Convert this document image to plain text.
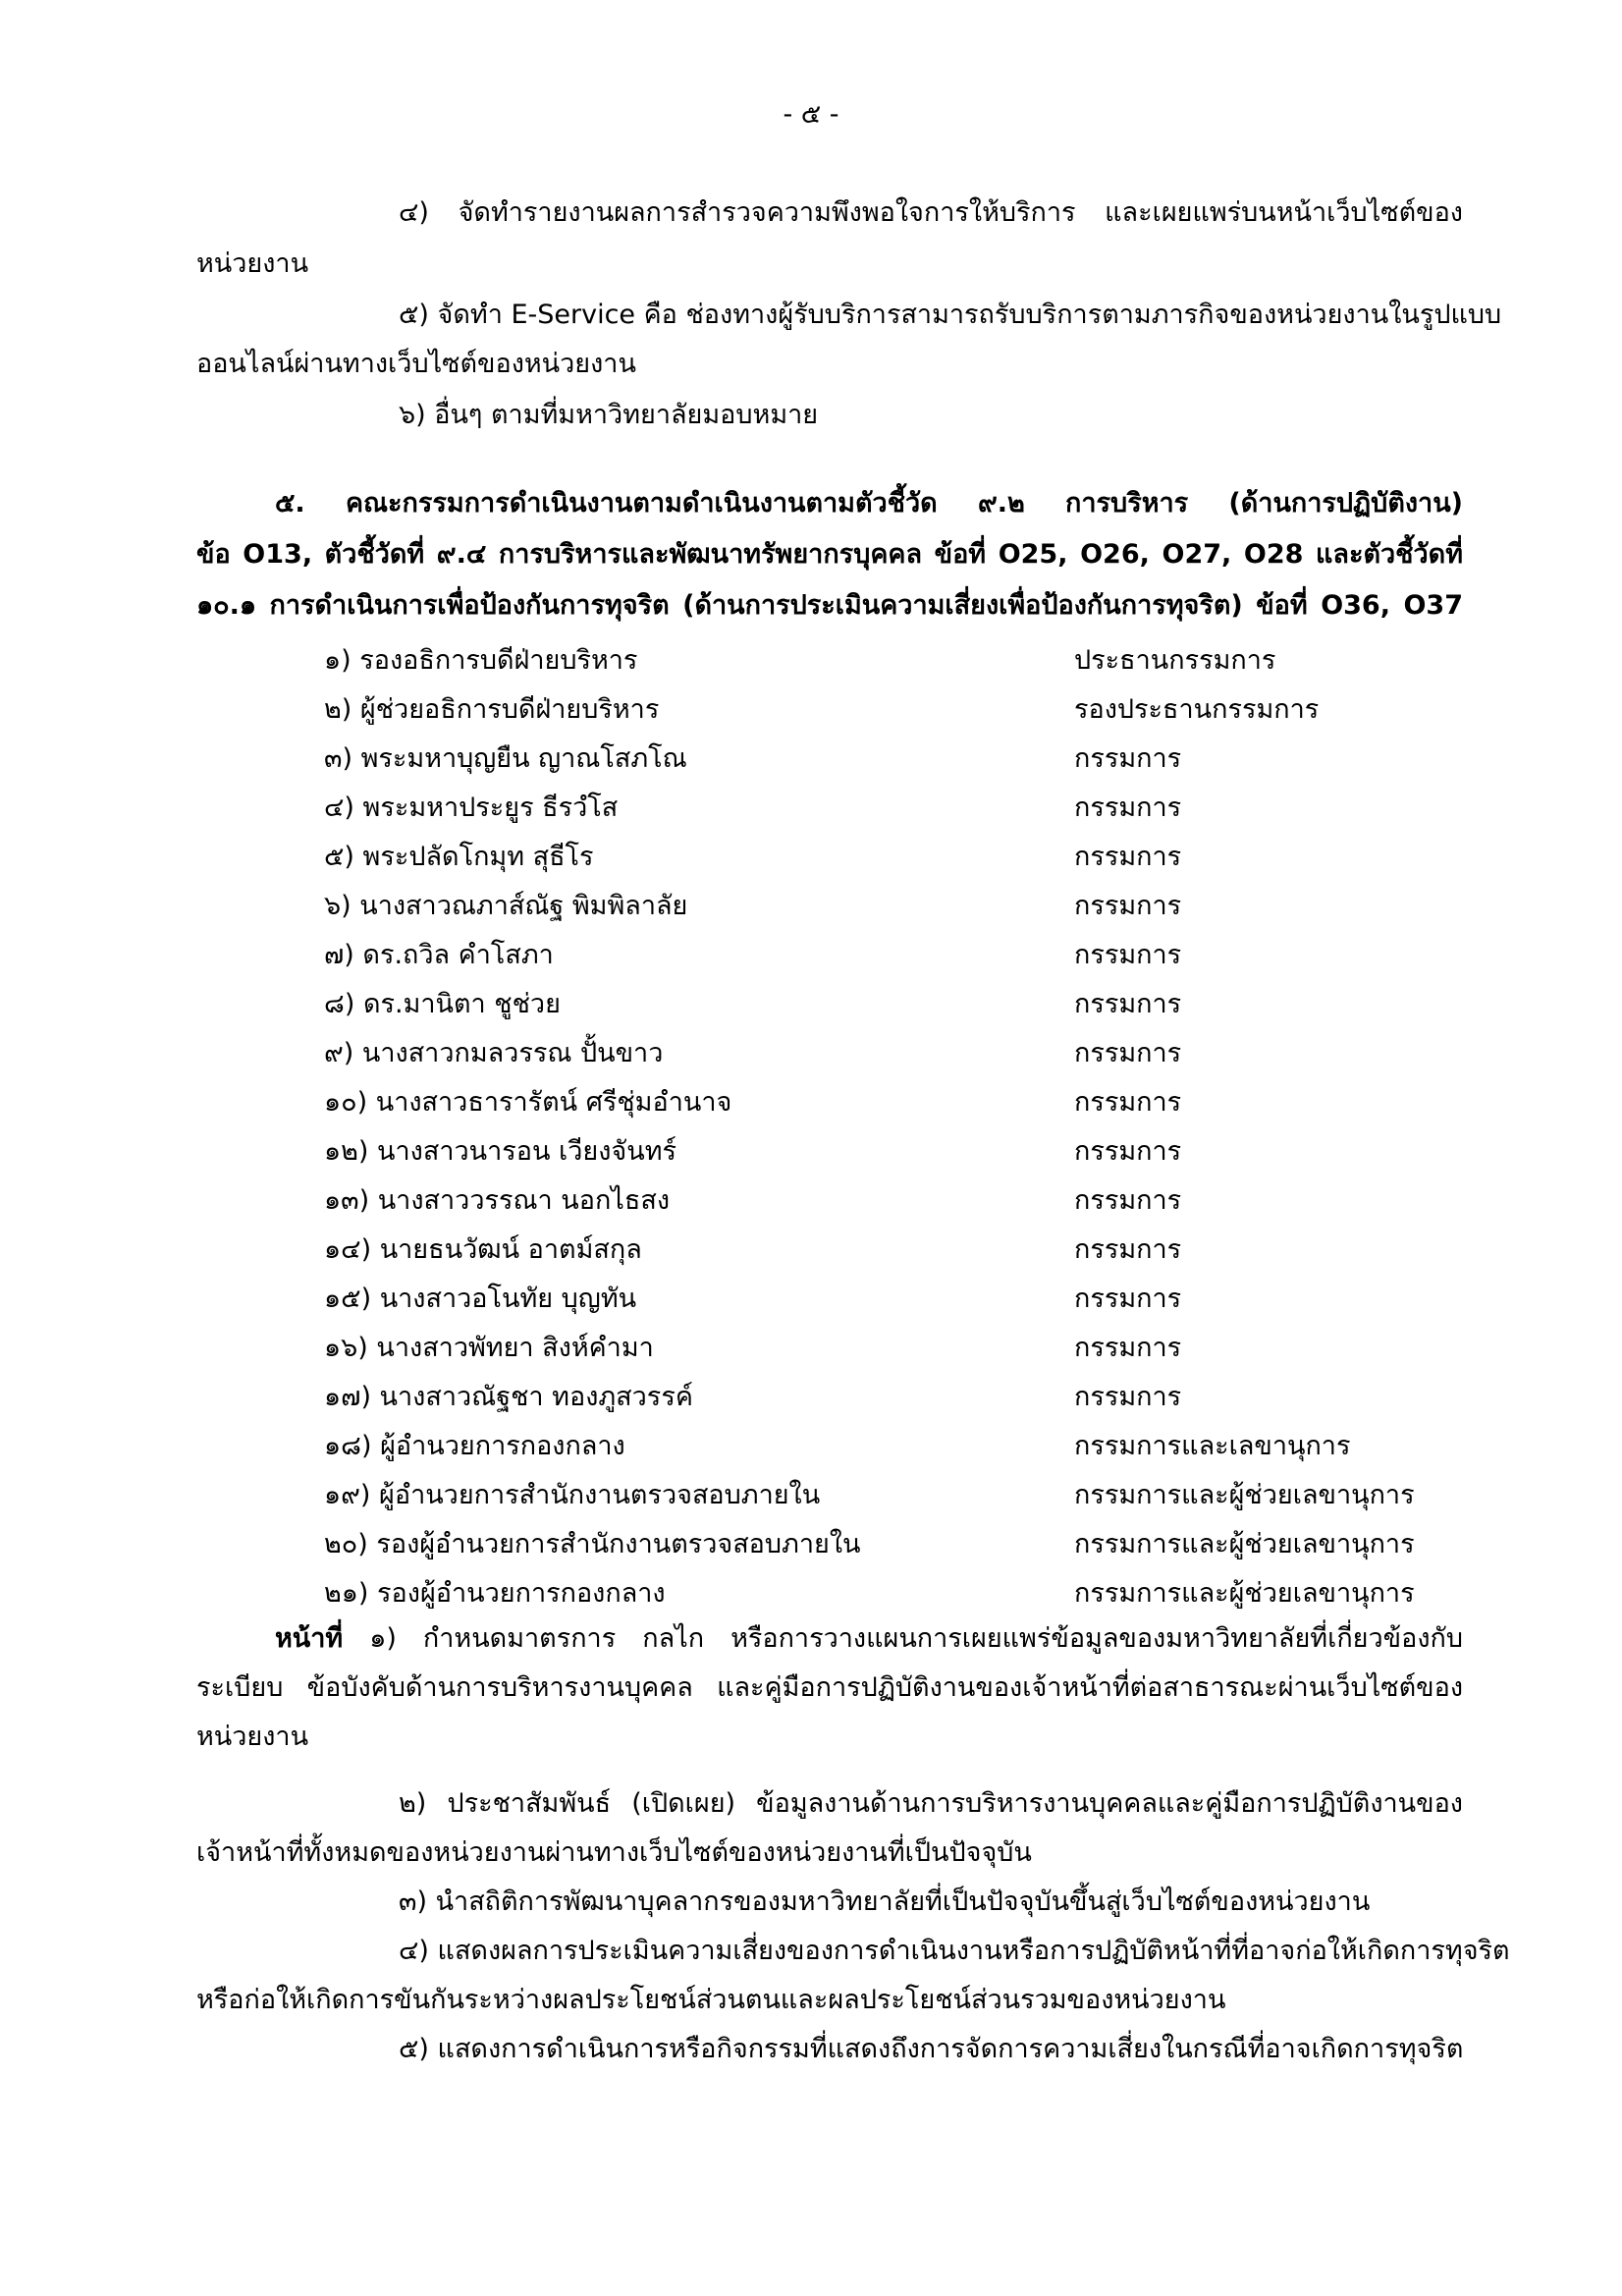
- ๕ -
๔) จัดทำรายงานผลการสำรวจความพึงพอใจการให้บริการ และเผยแพร่บนหน้าเว็บไซต์ของ
หน่วยงาน
๕) จัดทำ E-Service คือ ช่องทางผู้รับบริการสามารถรับบริการตามภารกิจของหน่วยงานในรูปแบบ
ออนไลน์ผ่านทางเว็บไซต์ของหน่วยงาน
๖) อื่นๆ ตามที่มหาวิทยาลัยมอบหมาย
๕. คณะกรรมการดำเนินงานตามดำเนินงานตามตัวชี้วัด ๙.๒ การบริหาร (ด้านการปฏิบัติงาน)
ข้อ O13, ตัวชี้วัดที่ ๙.๔ การบริหารและพัฒนาทรัพยากรบุคคล ข้อที่ O25, O26, O27, O28 และตัวชี้วัดที่
๑๐.๑ การดำเนินการเพื่อป้องกันการทุจริต (ด้านการประเมินความเสี่ยงเพื่อป้องกันการทุจริต) ข้อที่ O36, O37
๑) รองอธิการบดีฝ่ายบริหาร	ประธานกรรมการ
๒) ผู้ช่วยอธิการบดีฝ่ายบริหาร	รองประธานกรรมการ
๓) พระมหาบุญยืน ญาณโสภโณ	กรรมการ
๔) พระมหาประยูร ธีรวํโส	กรรมการ
๕) พระปลัดโกมุท สุธีโร	กรรมการ
๖) นางสาวณภาส์ณัฐ พิมพิลาลัย	กรรมการ
๗) ดร.ถวิล คำโสภา	กรรมการ
๘) ดร.มานิตา ชูช่วย	กรรมการ
๙) นางสาวกมลวรรณ ปั้นขาว	กรรมการ
๑๐) นางสาวธารารัตน์ ศรีชุ่มอำนาจ	กรรมการ
๑๒) นางสาวนารอน เวียงจันทร์	กรรมการ
๑๓) นางสาววรรณา นอกไธสง	กรรมการ
๑๔) นายธนวัฒน์ อาตม์สกุล	กรรมการ
๑๕) นางสาวอโนทัย บุญทัน	กรรมการ
๑๖) นางสาวพัทยา สิงห์คำมา	กรรมการ
๑๗) นางสาวณัฐชา ทองภูสวรรค์	กรรมการ
๑๘) ผู้อำนวยการกองกลาง	กรรมการและเลขานุการ
๑๙) ผู้อำนวยการสำนักงานตรวจสอบภายใน	กรรมการและผู้ช่วยเลขานุการ
๒๐) รองผู้อำนวยการสำนักงานตรวจสอบภายใน	กรรมการและผู้ช่วยเลขานุการ
๒๑) รองผู้อำนวยการกองกลาง	กรรมการและผู้ช่วยเลขานุการ
หน้าที่ ๑) กำหนดมาตรการ กลไก หรือการวางแผนการเผยแพร่ข้อมูลของมหาวิทยาลัยที่เกี่ยวข้องกับ
ระเบียบ ข้อบังคับด้านการบริหารงานบุคคล และคู่มือการปฏิบัติงานของเจ้าหน้าที่ต่อสาธารณะผ่านเว็บไซต์ของ
หน่วยงาน
๒) ประชาสัมพันธ์ (เปิดเผย) ข้อมูลงานด้านการบริหารงานบุคคลและคู่มือการปฏิบัติงานของ
เจ้าหน้าที่ทั้งหมดของหน่วยงานผ่านทางเว็บไซต์ของหน่วยงานที่เป็นปัจจุบัน
๓) นำสถิติการพัฒนาบุคลากรของมหาวิทยาลัยที่เป็นปัจจุบันขึ้นสู่เว็บไซต์ของหน่วยงาน
๔) แสดงผลการประเมินความเสี่ยงของการดำเนินงานหรือการปฏิบัติหน้าที่ที่อาจก่อให้เกิดการทุจริต
หรือก่อให้เกิดการขันกันระหว่างผลประโยชน์ส่วนตนและผลประโยชน์ส่วนรวมของหน่วยงาน
๕) แสดงการดำเนินการหรือกิจกรรมที่แสดงถึงการจัดการความเสี่ยงในกรณีที่อาจเกิดการทุจริต
